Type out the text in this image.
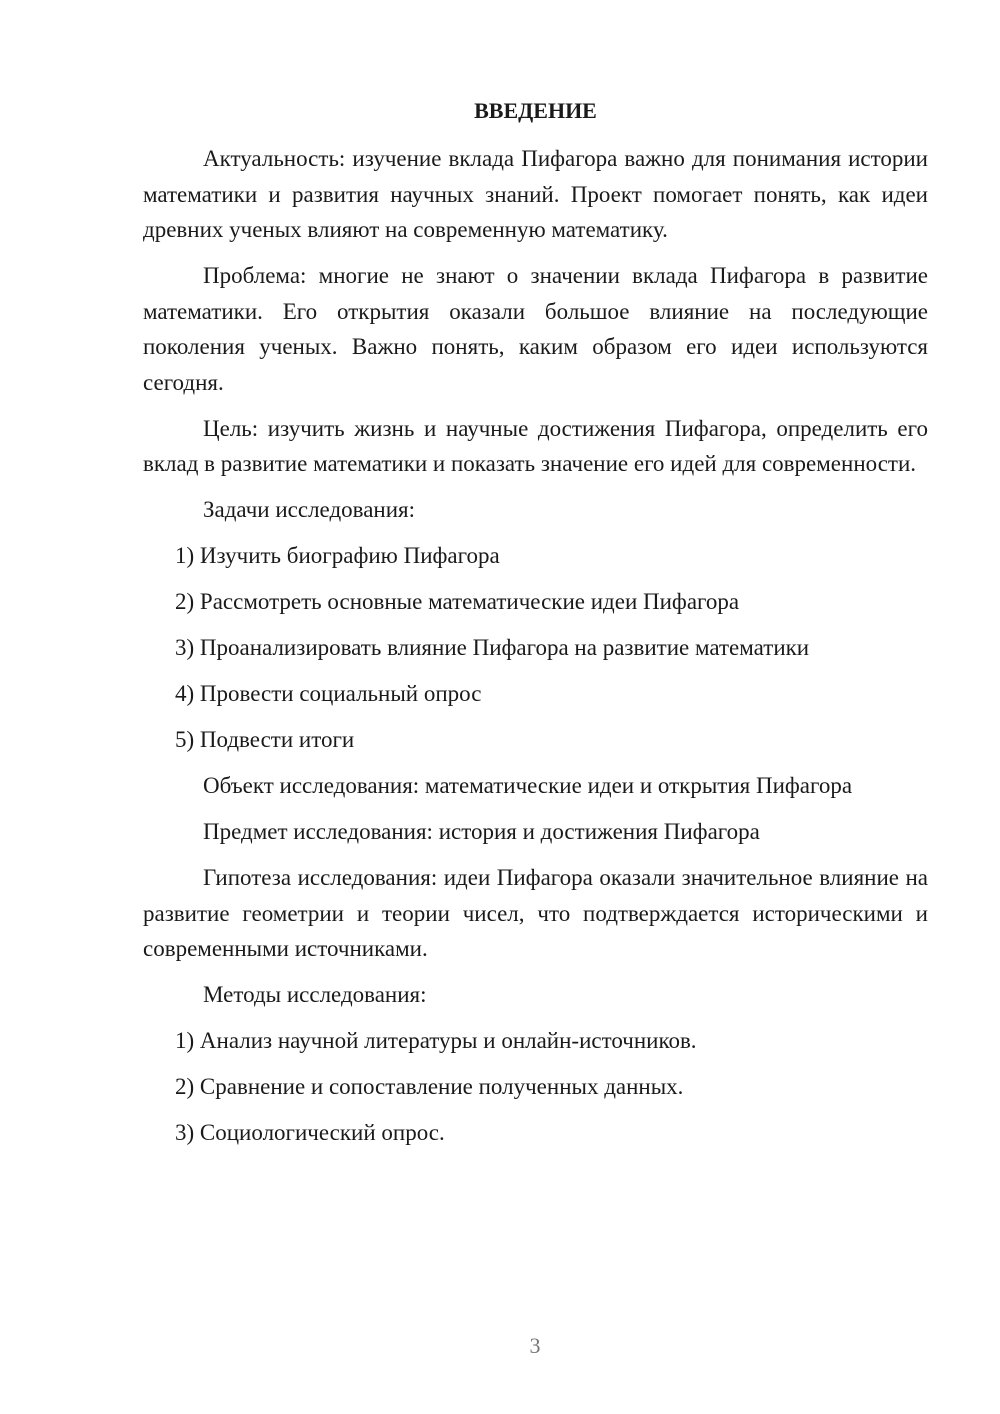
ВВЕДЕНИЕ

Актуальность: изучение вклада Пифагора важно для понимания истории математики и развития научных знаний. Проект помогает понять, как идеи древних ученых влияют на современную математику.

Проблема: многие не знают о значении вклада Пифагора в развитие математики. Его открытия оказали большое влияние на последующие поколения ученых. Важно понять, каким образом его идеи используются сегодня.

Цель: изучить жизнь и научные достижения Пифагора, определить его вклад в развитие математики и показать значение его идей для современности.

Задачи исследования:
1) Изучить биографию Пифагора
2) Рассмотреть основные математические идеи Пифагора
3) Проанализировать влияние Пифагора на развитие математики
4) Провести социальный опрос
5) Подвести итоги
Объект исследования: математические идеи и открытия Пифагора
Предмет исследования: история и достижения Пифагора

Гипотеза исследования: идеи Пифагора оказали значительное влияние на развитие геометрии и теории чисел, что подтверждается историческими и современными источниками.

Методы исследования:
1) Анализ научной литературы и онлайн-источников.
2) Сравнение и сопоставление полученных данных.
3) Социологический опрос.
3
